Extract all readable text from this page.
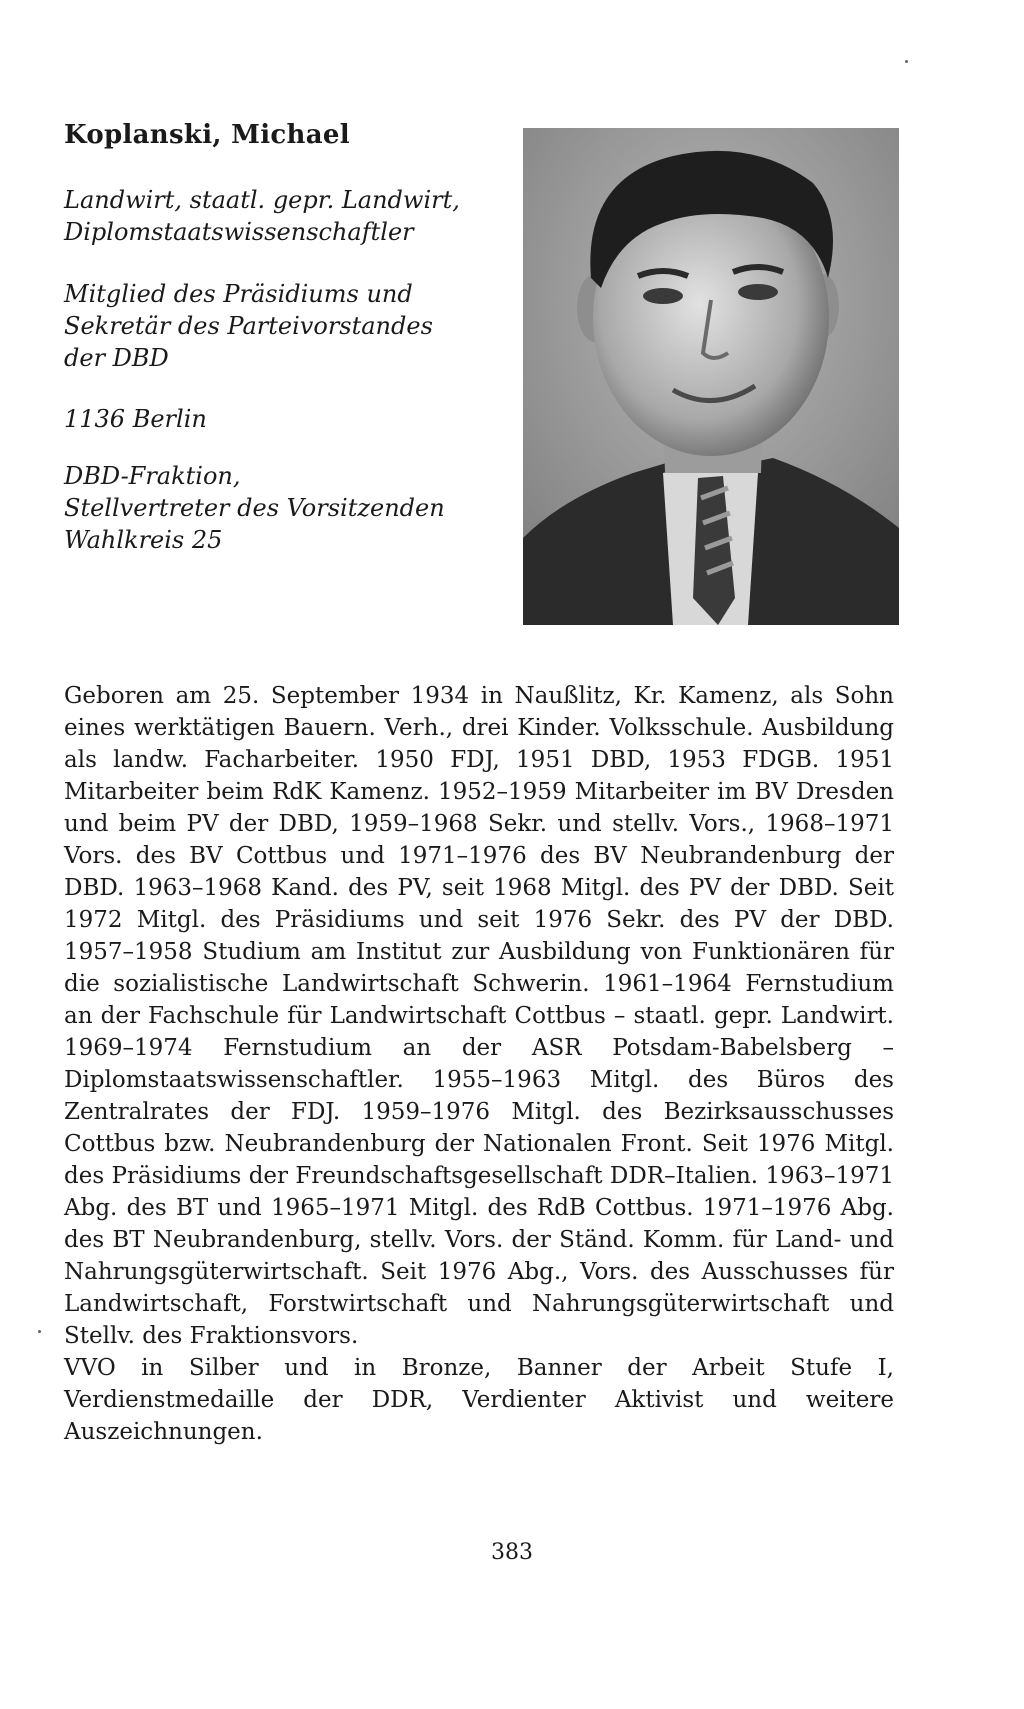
Koplanski, Michael
Landwirt, staatl. gepr. Landwirt,
Diplomstaatswissenschaftler
Mitglied des Präsidiums und
Sekretär des Parteivorstandes
der DBD
1136 Berlin
DBD-Fraktion,
Stellvertreter des Vorsitzenden
Wahlkreis 25

Geboren am 25. September 1934 in Naußlitz, Kr. Kamenz, als Sohn eines werktätigen Bauern. Verh., drei Kinder. Volksschule. Ausbildung als landw. Facharbeiter. 1950 FDJ, 1951 DBD, 1953 FDGB. 1951 Mitarbeiter beim RdK Kamenz. 1952–1959 Mitarbeiter im BV Dresden und beim PV der DBD, 1959–1968 Sekr. und stellv. Vors., 1968–1971 Vors. des BV Cottbus und 1971–1976 des BV Neubrandenburg der DBD. 1963–1968 Kand. des PV, seit 1968 Mitgl. des PV der DBD. Seit 1972 Mitgl. des Präsidiums und seit 1976 Sekr. des PV der DBD. 1957–1958 Studium am Institut zur Ausbildung von Funktionären für die sozialistische Landwirtschaft Schwerin. 1961–1964 Fernstudium an der Fachschule für Landwirtschaft Cottbus – staatl. gepr. Landwirt. 1969–1974 Fernstudium an der ASR Potsdam-Babelsberg – Diplomstaatswissenschaftler. 1955–1963 Mitgl. des Büros des Zentralrates der FDJ. 1959–1976 Mitgl. des Bezirksausschusses Cottbus bzw. Neubrandenburg der Nationalen Front. Seit 1976 Mitgl. des Präsidiums der Freundschaftsgesellschaft DDR–Italien. 1963–1971 Abg. des BT und 1965–1971 Mitgl. des RdB Cottbus. 1971–1976 Abg. des BT Neubrandenburg, stellv. Vors. der Ständ. Komm. für Land- und Nahrungsgüterwirtschaft. Seit 1976 Abg., Vors. des Ausschusses für Landwirtschaft, Forstwirtschaft und Nahrungsgüterwirtschaft und Stellv. des Fraktionsvors.

VVO in Silber und in Bronze, Banner der Arbeit Stufe I, Verdienstmedaille der DDR, Verdienter Aktivist und weitere Auszeichnungen.

383
